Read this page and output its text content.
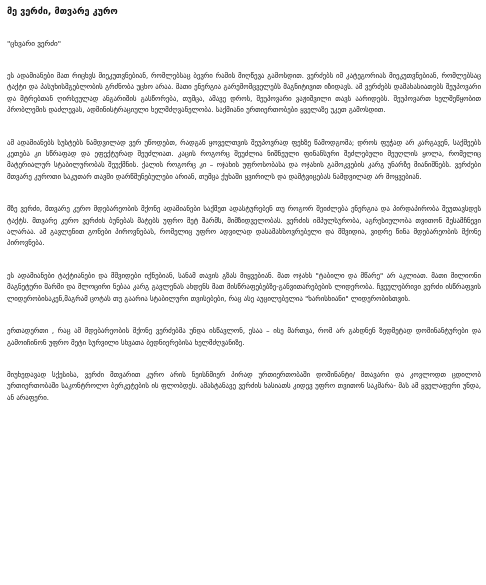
მე ვერძი, მთვარე კურო
"ცხვარი ვერძი"

ეს ადამიანები მათ რიცხვს მიეკუთვნებიან, რომლებსაც ბევრი რამის მიღწევა გამოსდით. ვერძებს იმ კატეგორიას მიეკუთვნებიან, რომლებსაც ტაქტი და პასუხისმგებლობის გრძნობა უცხო არაა. მათი ენერგია გარემომცველებს მაგნიტივით იზიდავს. ამ ვერძებს დამახასიათებს შეუპოვარი და მტრებთან ღირსეულად ანგარიშის გასწორება, თუმცა, ამავე დროს, შეუპოვარი ვაჟიშვილი თავს აარიდებს. შეუპოვართ ხელშეწყობით პრობლემის დაძლევას, ადმინისტრაციული ხელმძღვანელობა. საქმიანი ურთიერთობები ყველაზე უკეთ გამოსდით.

ამ ადამიანებს სუსტებს ნამდვილად ვერ უწოდებთ, რადგან ყოველთვის შეუპოვრად ფეხზე წამოდგომა; დროს ფუჭად არ კარგავენ, საქმეებს კეთება კი სწრაფად და ეფექტურად შეუძლიათ. კაცის როგორც შეუძლია ნიშნეული ფინანსური შეძლებული მეუღლის ყოლა, რომელიც მატერიალურ სტაბილურობას შეუქმნის. ქალის როგორც კი – ოჯახის უფროსობასა და ოჯახის გამოკვების კარგ უნარზე მიანიშნებს. ვერძები მთვარე კუროთი საკუთარ თავში დარწმუნებულები არიან, თუმცა ქუხაში ყვირილს და დამტვიცებას ნამდვილად არ მოყვებიან.

მზე ვერძი, მთვარე კურო მდებარეობის მქონე ადამიანები საქმეთ ადასტურებენ თუ როგორ შეიძლება ენერგია და პირდაპირობა შეუთავსდეს ტაქტს. მთვარე კურო ვერძის ბუნებას მატებს უფრო მეტ შარმს, მიმზიდველობას. ვერძის იმპულსურობა, აგრესიულობა თვითონ შესამჩნევი ალარაა. ამ გავლენით გონები პიროვნებას, რომელიც უფრო ადვილად დასამახსოვრებელი და მშვიდია, ვიდრე წინა მდებარეობის მქონე პიროვნება.

ეს ადამიანები ტაქტიანები და მშვიდები იქნებიან, სანამ თავის გზას მიყვებიან. მათ ოჯახს "ტაბილი და მწარე" არ აკლიათ. მათი მილიონი მაგნეტური შარმი და მლოცირი ნებაა კარგ გავლენას ახდენს მათ მისწრაფებებზე-განვითარებების ლიდერობა. ჩვეულებრივი ვერძი ისწრაფვის ლიდერობისაკენ,მაგრამ ცოტას თუ გაარია სტაბილური თვისებები, რაც ასე აუცილებელია "ხარისხიანი" ლიდერობისთვის.

ერთადერთი , რაც ამ მდებარეობის მქონე ვერძებმა უნდა ისწავლონ, ესაა – ისე მართვა, რომ არ გახდნენ ზედმეტად დომინანტურები და გამოიჩინონ უფრო მეტი სურვილი სხვათა ბედნიერებისა ხელმძღვანიზე.

მიუხედავად სქესისა, ვერძი მთვარით კურო არის ნეისნმიერ პირად ურთიერთობაში დომინანტი/ მთავარი და კოვლოდთ ცდილობ ურთიერთობაში საკონტროლო ბერკეტების ის ფლობდეს. ამასტანავე ვერძის ხასიათს კიდევ უფრო თვითონ საკმარა- მას ამ ყველაფერი უნდა, ან არაფერი.
